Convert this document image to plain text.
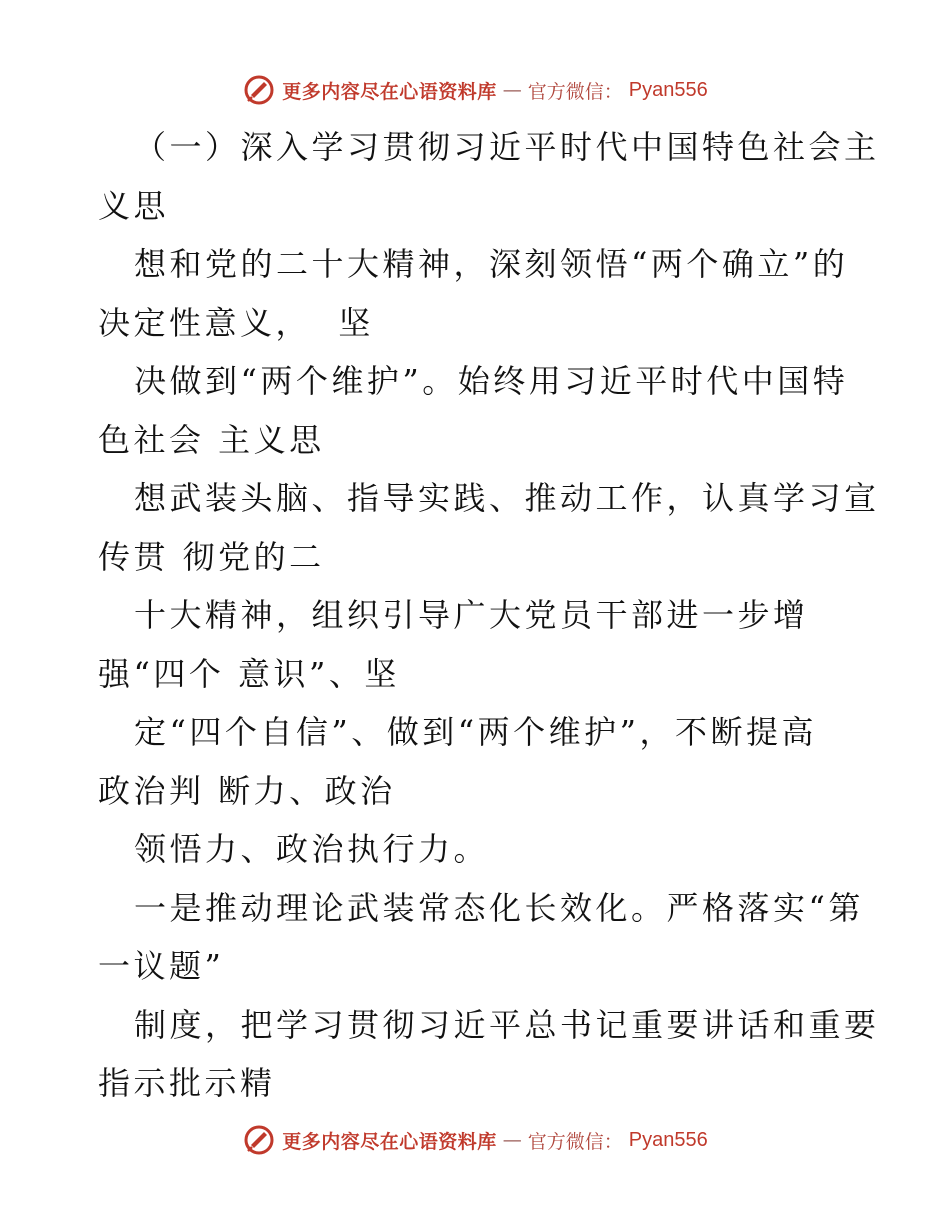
更多内容尽在心语资料库 — 官方微信： Pyan556
（一）深入学习贯彻习近平时代中国特色社会主
义思
想和党的二十大精神，深刻领悟“两个确立”的
决定性意义，  坚
决做到“两个维护”。始终用习近平时代中国特
色社会 主义思
想武装头脑、指导实践、推动工作，认真学习宣
传贯 彻党的二
十大精神，组织引导广大党员干部进一步增
强“四个 意识”、坚
定“四个自信”、做到“两个维护”，不断提高
政治判 断力、政治
领悟力、政治执行力。
一是推动理论武装常态化长效化。严格落实“第
一议题”
制度，把学习贯彻习近平总书记重要讲话和重要
指示批示精
更多内容尽在心语资料库 — 官方微信： Pyan556
